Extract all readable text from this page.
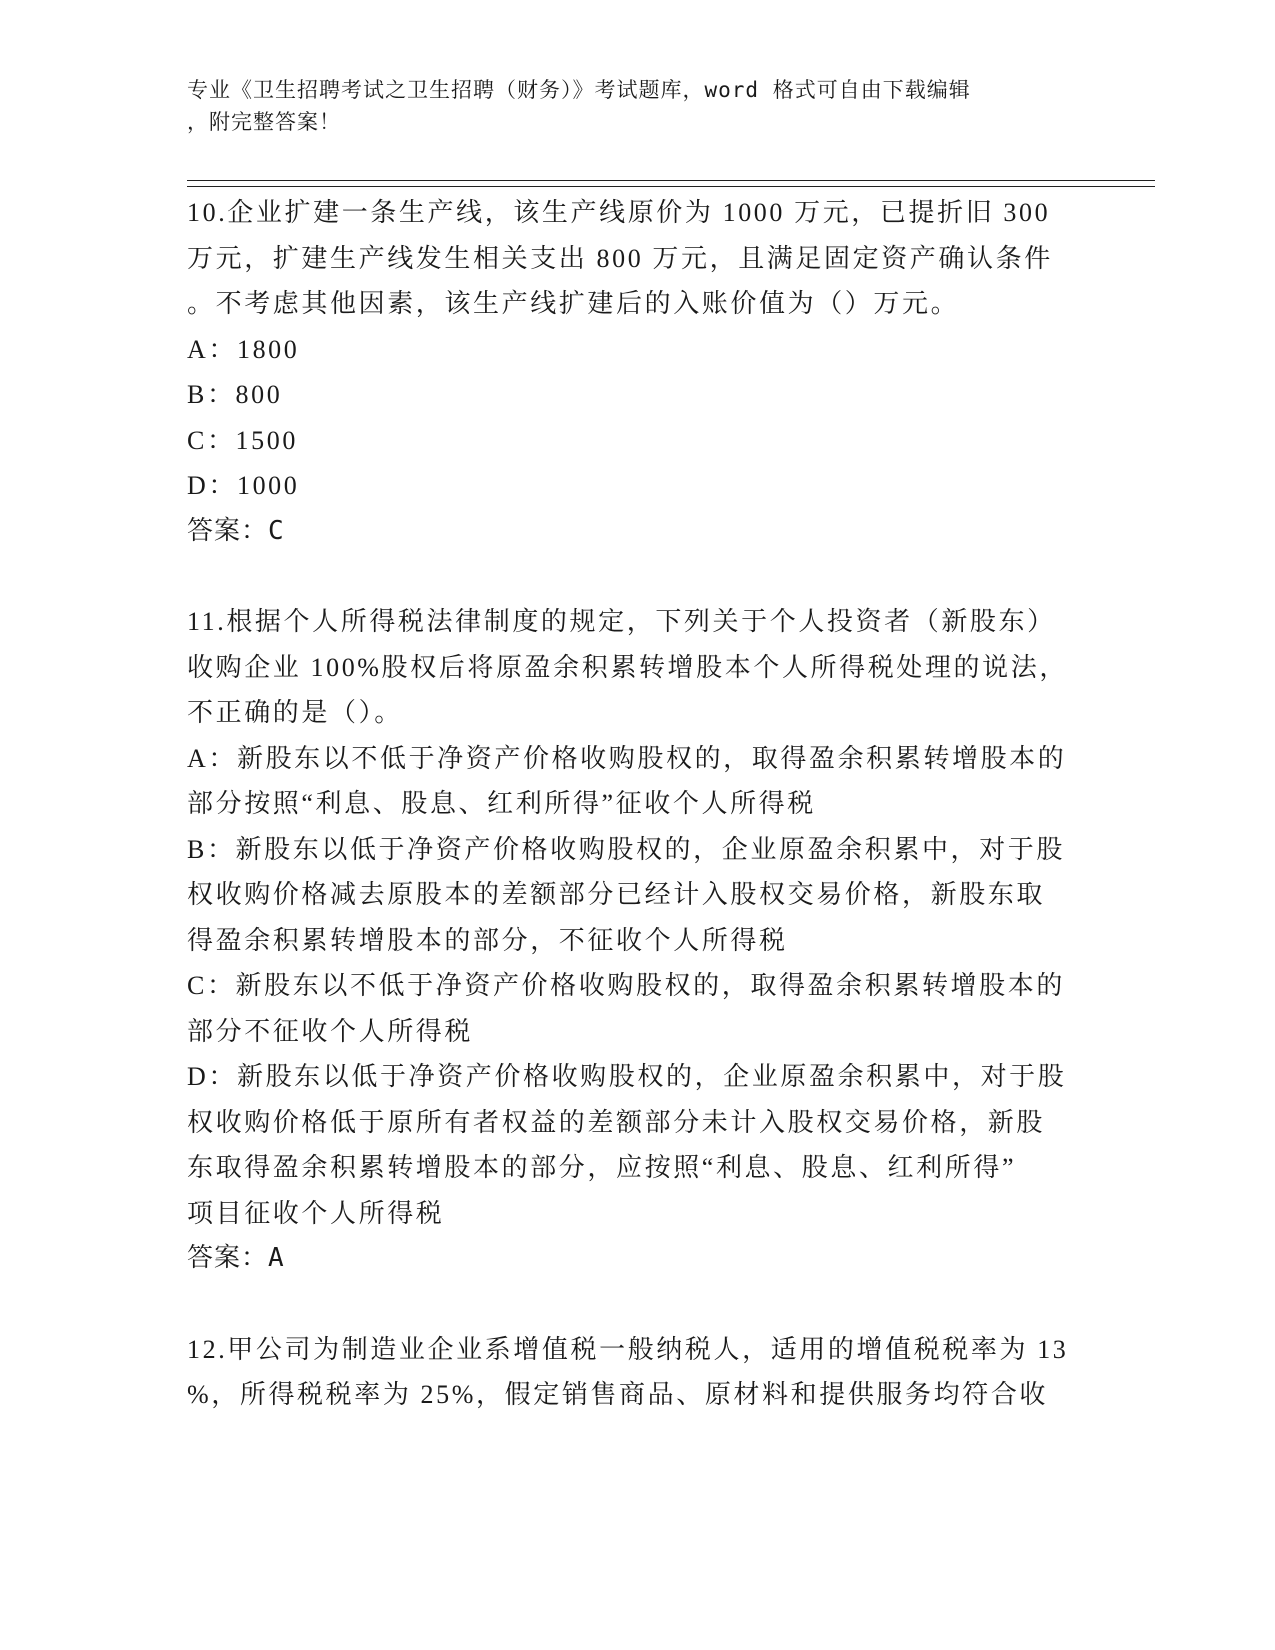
专业《卫生招聘考试之卫生招聘（财务）》考试题库，word 格式可自由下载编辑
，附完整答案！
10.企业扩建一条生产线，该生产线原价为 1000 万元，已提折旧 300
万元，扩建生产线发生相关支出 800 万元，且满足固定资产确认条件
。不考虑其他因素，该生产线扩建后的入账价值为（）万元。
A：1800
B：800
C：1500
D：1000
答案：C
11.根据个人所得税法律制度的规定，下列关于个人投资者（新股东）
收购企业 100%股权后将原盈余积累转增股本个人所得税处理的说法，
不正确的是（）。
A：新股东以不低于净资产价格收购股权的，取得盈余积累转增股本的
部分按照“利息、股息、红利所得”征收个人所得税
B：新股东以低于净资产价格收购股权的，企业原盈余积累中，对于股
权收购价格减去原股本的差额部分已经计入股权交易价格，新股东取
得盈余积累转增股本的部分，不征收个人所得税
C：新股东以不低于净资产价格收购股权的，取得盈余积累转增股本的
部分不征收个人所得税
D：新股东以低于净资产价格收购股权的，企业原盈余积累中，对于股
权收购价格低于原所有者权益的差额部分未计入股权交易价格，新股
东取得盈余积累转增股本的部分，应按照“利息、股息、红利所得”
项目征收个人所得税
答案：A
12.甲公司为制造业企业系增值税一般纳税人，适用的增值税税率为 13
%，所得税税率为 25%，假定销售商品、原材料和提供服务均符合收
